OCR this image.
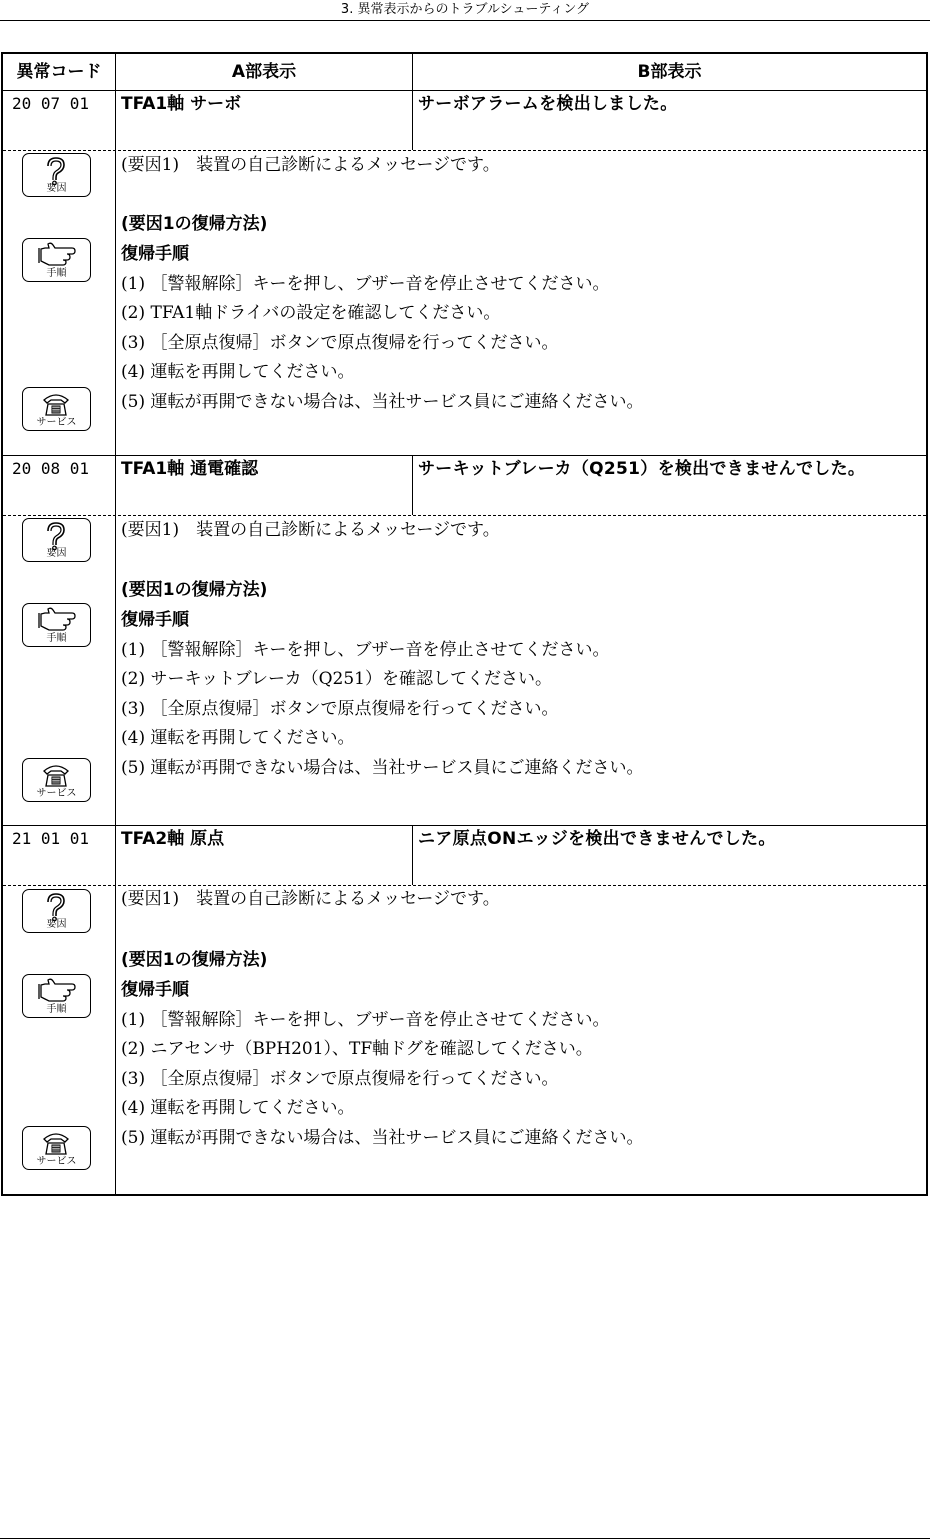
3. 異常表示からのトラブルシューティング
異常コード	A部表示	B部表示
20 07 01	TFA1軸 サーボ	サーボアラームを検出しました。
要因
手順
サービス
(要因1)　装置の自己診断によるメッセージです。
(要因1の復帰方法)
復帰手順
(1) ［警報解除］キーを押し、ブザー音を停止させてください。
(2) TFA1軸ドライバの設定を確認してください。
(3) ［全原点復帰］ボタンで原点復帰を行ってください。
(4) 運転を再開してください。
(5) 運転が再開できない場合は、当社サービス員にご連絡ください。
20 08 01	TFA1軸 通電確認	サーキットブレーカ（Q251）を検出できませんでした。
要因
手順
サービス
(要因1)　装置の自己診断によるメッセージです。
(要因1の復帰方法)
復帰手順
(1) ［警報解除］キーを押し、ブザー音を停止させてください。
(2) サーキットブレーカ（Q251）を確認してください。
(3) ［全原点復帰］ボタンで原点復帰を行ってください。
(4) 運転を再開してください。
(5) 運転が再開できない場合は、当社サービス員にご連絡ください。
21 01 01	TFA2軸 原点	ニア原点ONエッジを検出できませんでした。
要因
手順
サービス
(要因1)　装置の自己診断によるメッセージです。
(要因1の復帰方法)
復帰手順
(1) ［警報解除］キーを押し、ブザー音を停止させてください。
(2) ニアセンサ（BPH201）、TF軸ドグを確認してください。
(3) ［全原点復帰］ボタンで原点復帰を行ってください。
(4) 運転を再開してください。
(5) 運転が再開できない場合は、当社サービス員にご連絡ください。
